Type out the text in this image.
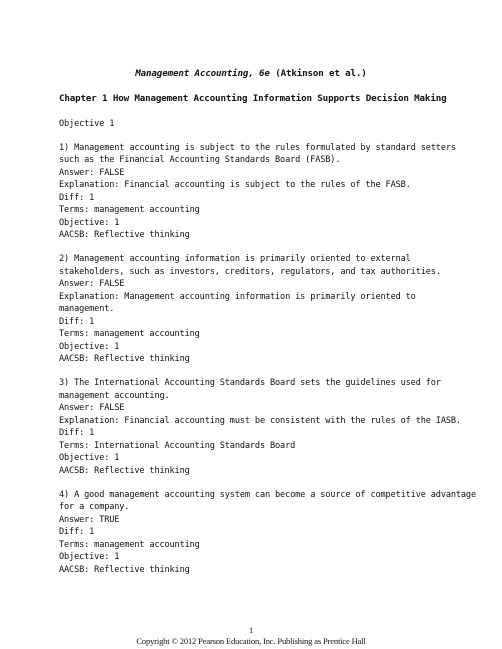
Management Accounting, 6e (Atkinson et al.)
Chapter 1 How Management Accounting Information Supports Decision Making
Objective 1
1) Management accounting is subject to the rules formulated by standard setters
such as the Financial Accounting Standards Board (FASB).
Answer: FALSE
Explanation: Financial accounting is subject to the rules of the FASB.
Diff: 1
Terms: management accounting
Objective: 1
AACSB: Reflective thinking
2) Management accounting information is primarily oriented to external
stakeholders, such as investors, creditors, regulators, and tax authorities.
Answer: FALSE
Explanation: Management accounting information is primarily oriented to
management.
Diff: 1
Terms: management accounting
Objective: 1
AACSB: Reflective thinking
3) The International Accounting Standards Board sets the guidelines used for
management accounting.
Answer: FALSE
Explanation: Financial accounting must be consistent with the rules of the IASB.
Diff: 1
Terms: International Accounting Standards Board
Objective: 1
AACSB: Reflective thinking
4) A good management accounting system can become a source of competitive advantage
for a company.
Answer: TRUE
Diff: 1
Terms: management accounting
Objective: 1
AACSB: Reflective thinking
1
Copyright © 2012 Pearson Education, Inc. Publishing as Prentice Hall
